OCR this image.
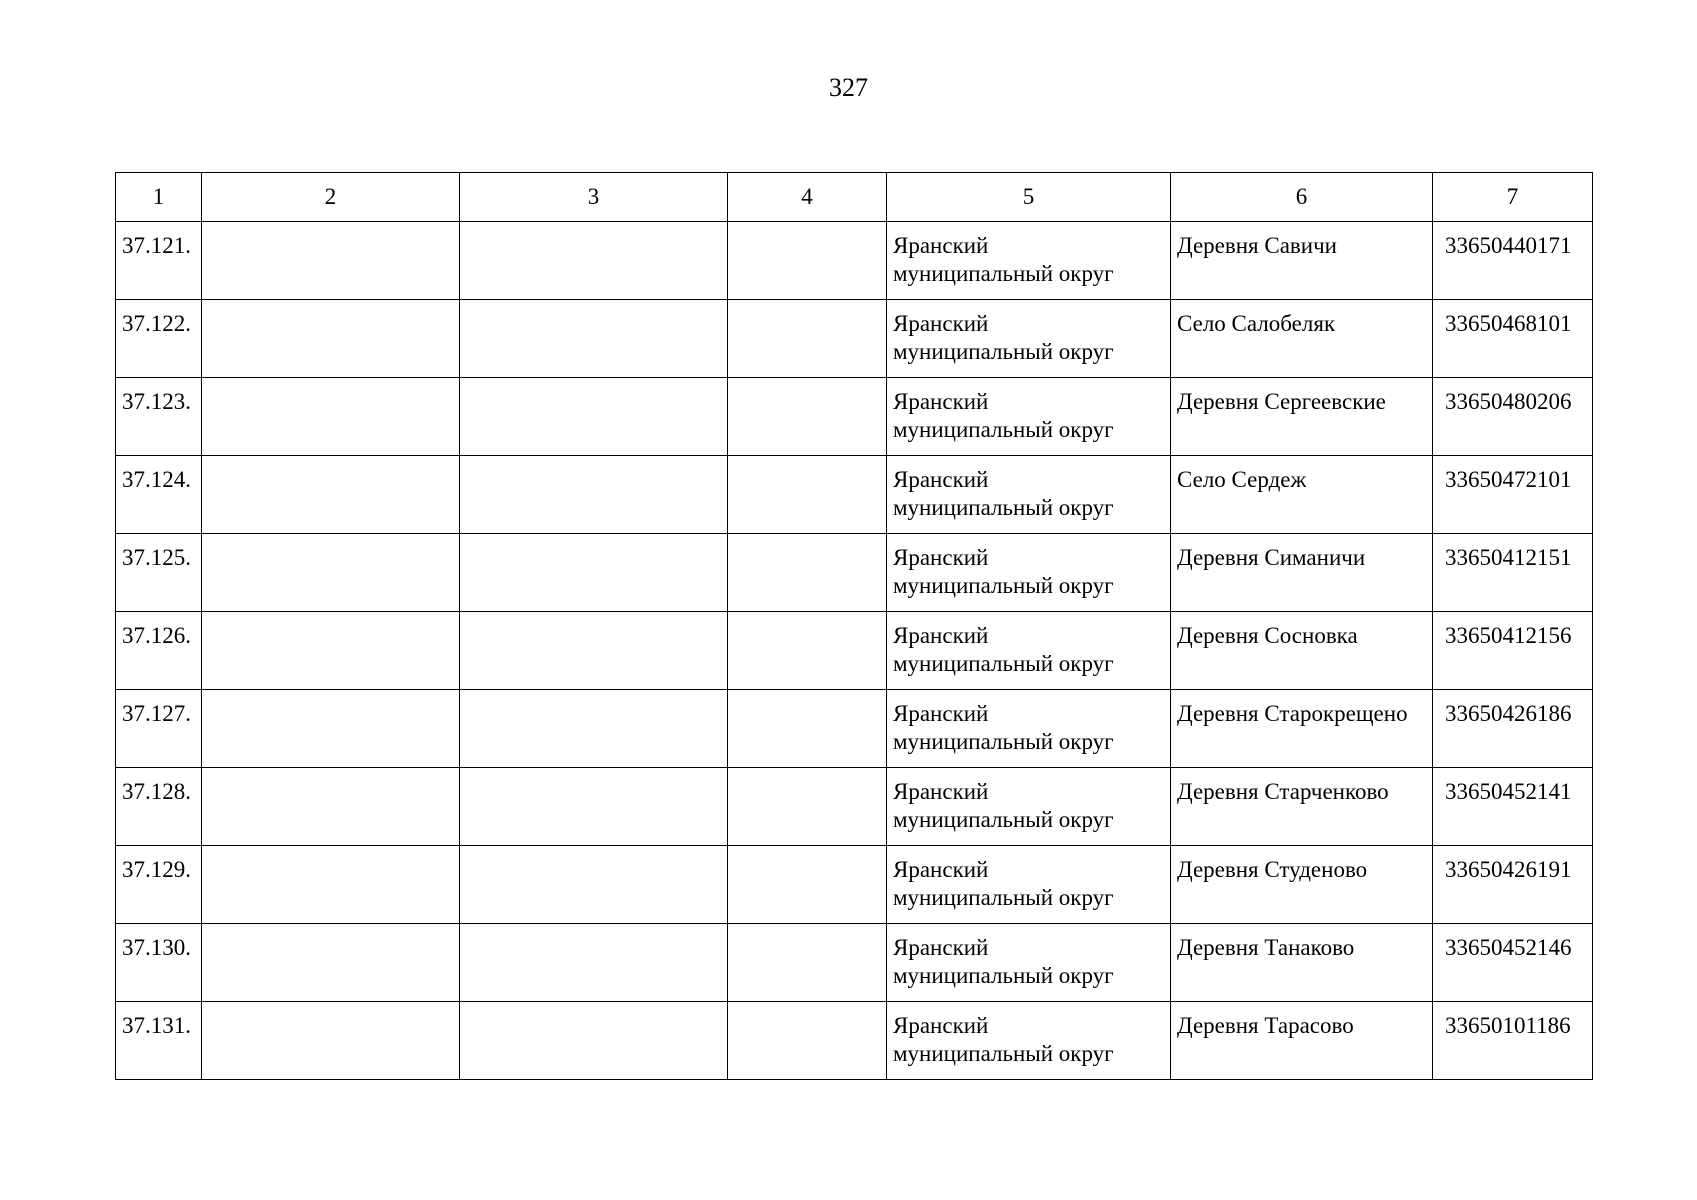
327
1	2	3	4	5	6	7

37.121.				Яранский
муниципальный округ	Деревня Савичи	33650440171

37.122.				Яранский
муниципальный округ	Село Салобеляк	33650468101

37.123.				Яранский
муниципальный округ	Деревня Сергеевские	33650480206

37.124.				Яранский
муниципальный округ	Село Сердеж	33650472101

37.125.				Яранский
муниципальный округ	Деревня Симаничи	33650412151

37.126.				Яранский
муниципальный округ	Деревня Сосновка	33650412156

37.127.				Яранский
муниципальный округ	Деревня Старокрещено	33650426186

37.128.				Яранский
муниципальный округ	Деревня Старченково	33650452141

37.129.				Яранский
муниципальный округ	Деревня Студеново	33650426191

37.130.				Яранский
муниципальный округ	Деревня Танаково	33650452146

37.131.				Яранский
муниципальный округ	Деревня Тарасово	33650101186
